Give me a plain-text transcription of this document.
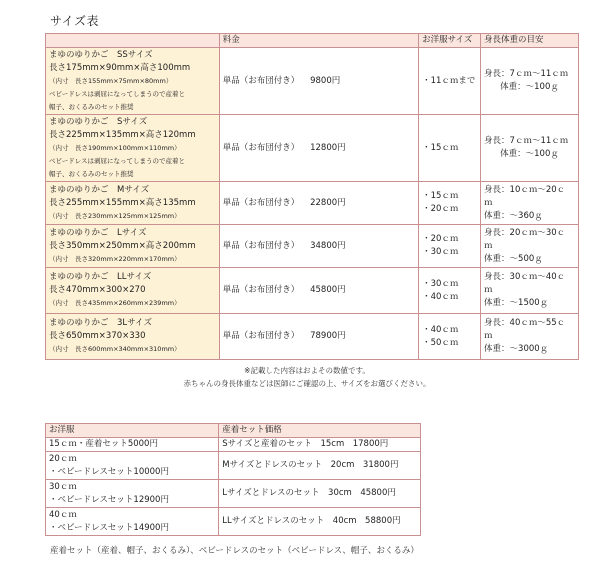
サイズ表
	料金	お洋服サイズ	身長体重の目安

まゆのゆりかご　SSサイズ
長さ175mm×90mm×高さ100mm
（内寸　長さ155mm×75mm×80mm）
ベビードレスは剥屈になってしまうので産着と
帽子、おくるみのセット推奨	単品（お布団付き） 9800円	・11ｃｍまで	身長：7ｃｍ～11ｃｍ
体重：～100ｇ

まゆのゆりかご　Sサイズ
長さ225mm×135mm×高さ120mm
（内寸　長さ190mm×100mm×110mm）
ベビードレスは剥屈になってしまうので産着と
帽子、おくるみのセット推奨	単品（お布団付き） 12800円	・15ｃｍ	身長：7ｃｍ～11ｃｍ
体重：～100ｇ

まゆのゆりかご　Mサイズ
長さ255mm×155mm×高さ135mm
（内寸　長さ230mm×125mm×125mm）	単品（お布団付き） 22800円	・15ｃｍ
・20ｃｍ	身長：10ｃｍ～20ｃ
ｍ
体重：～360ｇ

まゆのゆりかご　Lサイズ
長さ350mm×250mm×高さ200mm
（内寸　長さ320mm×220mm×170mm）	単品（お布団付き） 34800円	・20ｃｍ
・30ｃｍ	身長：20ｃｍ～30ｃ
ｍ
体重：～500ｇ

まゆのゆりかご　LLサイズ
長さ470mm×300×270
（内寸　長さ435mm×260mm×239mm）	単品（お布団付き） 45800円	・30ｃｍ
・40ｃｍ	身長：30ｃｍ～40ｃ
ｍ
体重：～1500ｇ

まゆのゆりかご　3Lサイズ
長さ650mm×370×330
（内寸　長さ600mm×340mm×310mm）	単品（お布団付き） 78900円	・40ｃｍ
・50ｃｍ	身長：40ｃｍ～55ｃ
ｍ
体重：～3000ｇ
※記載した内容はおよその数値です。
赤ちゃんの身長体重などは医師にご確認の上、サイズをお選びください。
お洋服	産着セット価格

15ｃｍ・産着セット5000円	Sサイズと産着のセット　15cm　17800円

20ｃｍ
・ベビードレスセット10000円	Mサイズとドレスのセット　20cm　31800円

30ｃｍ
・ベビードレスセット12900円	Lサイズとドレスのセット　30cm　45800円

40ｃｍ
・ベビードレスセット14900円	LLサイズとドレスのセット　40cm　58800円
産着セット（産着、帽子、おくるみ）、ベビードレスのセット（ベビードレス、帽子、おくるみ）
